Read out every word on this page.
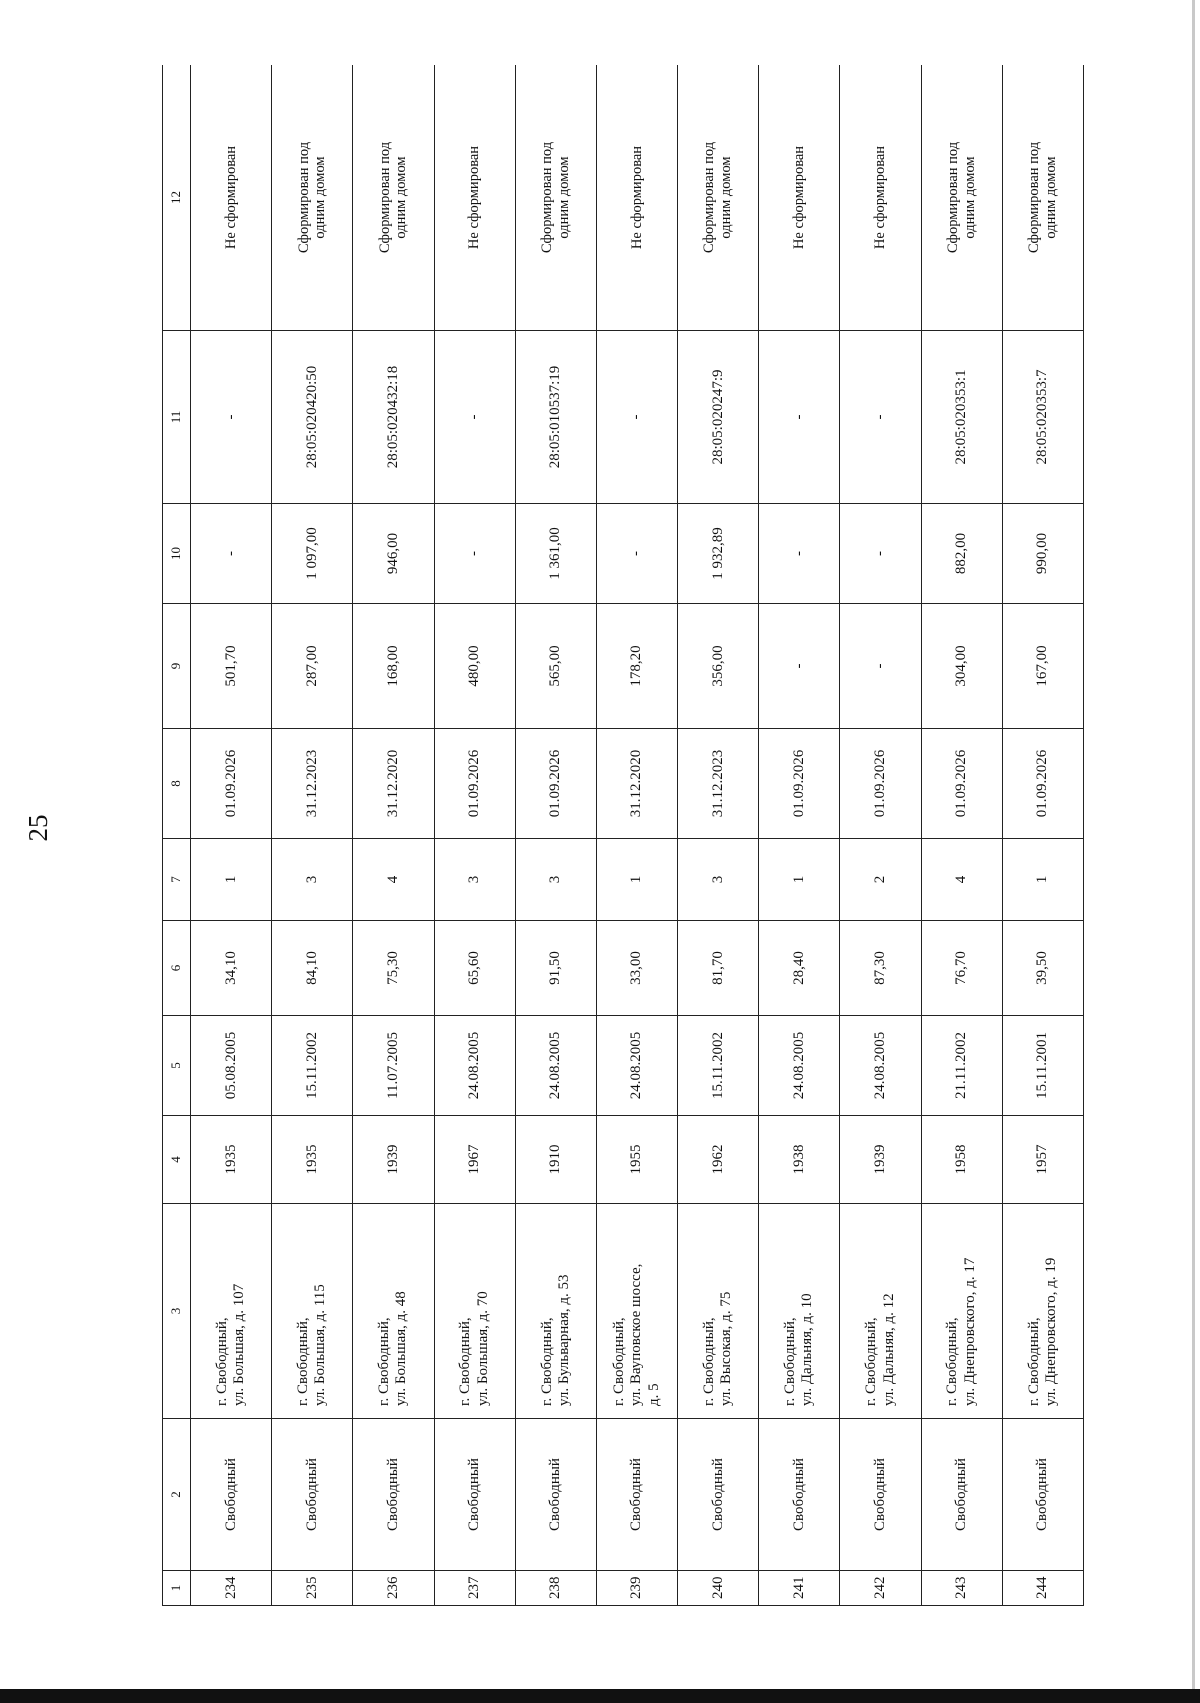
25
1	2	3	4	5	6	7	8	9	10	11	12
234	Свободный	г. Свободный,
ул. Большая, д. 107	1935	05.08.2005	34,10	1	01.09.2026	501,70	-	-	Не сформирован
235	Свободный	г. Свободный,
ул. Большая, д. 115	1935	15.11.2002	84,10	3	31.12.2023	287,00	1 097,00	28:05:020420:50	Сформирован под
одним домом
236	Свободный	г. Свободный,
ул. Большая, д. 48	1939	11.07.2005	75,30	4	31.12.2020	168,00	946,00	28:05:020432:18	Сформирован под
одним домом
237	Свободный	г. Свободный,
ул. Большая, д. 70	1967	24.08.2005	65,60	3	01.09.2026	480,00	-	-	Не сформирован
238	Свободный	г. Свободный,
ул. Бульварная, д. 53	1910	24.08.2005	91,50	3	01.09.2026	565,00	1 361,00	28:05:010537:19	Сформирован под
одним домом
239	Свободный	г. Свободный,
ул. Вауповское шоссе,
д. 5	1955	24.08.2005	33,00	1	31.12.2020	178,20	-	-	Не сформирован
240	Свободный	г. Свободный,
ул. Высокая, д. 75	1962	15.11.2002	81,70	3	31.12.2023	356,00	1 932,89	28:05:020247:9	Сформирован под
одним домом
241	Свободный	г. Свободный,
ул. Дальняя, д. 10	1938	24.08.2005	28,40	1	01.09.2026	-	-	-	Не сформирован
242	Свободный	г. Свободный,
ул. Дальняя, д. 12	1939	24.08.2005	87,30	2	01.09.2026	-	-	-	Не сформирован
243	Свободный	г. Свободный,
ул. Днепровского, д. 17	1958	21.11.2002	76,70	4	01.09.2026	304,00	882,00	28:05:020353:1	Сформирован под
одним домом
244	Свободный	г. Свободный,
ул. Днепровского, д. 19	1957	15.11.2001	39,50	1	01.09.2026	167,00	990,00	28:05:020353:7	Сформирован под
одним домом
